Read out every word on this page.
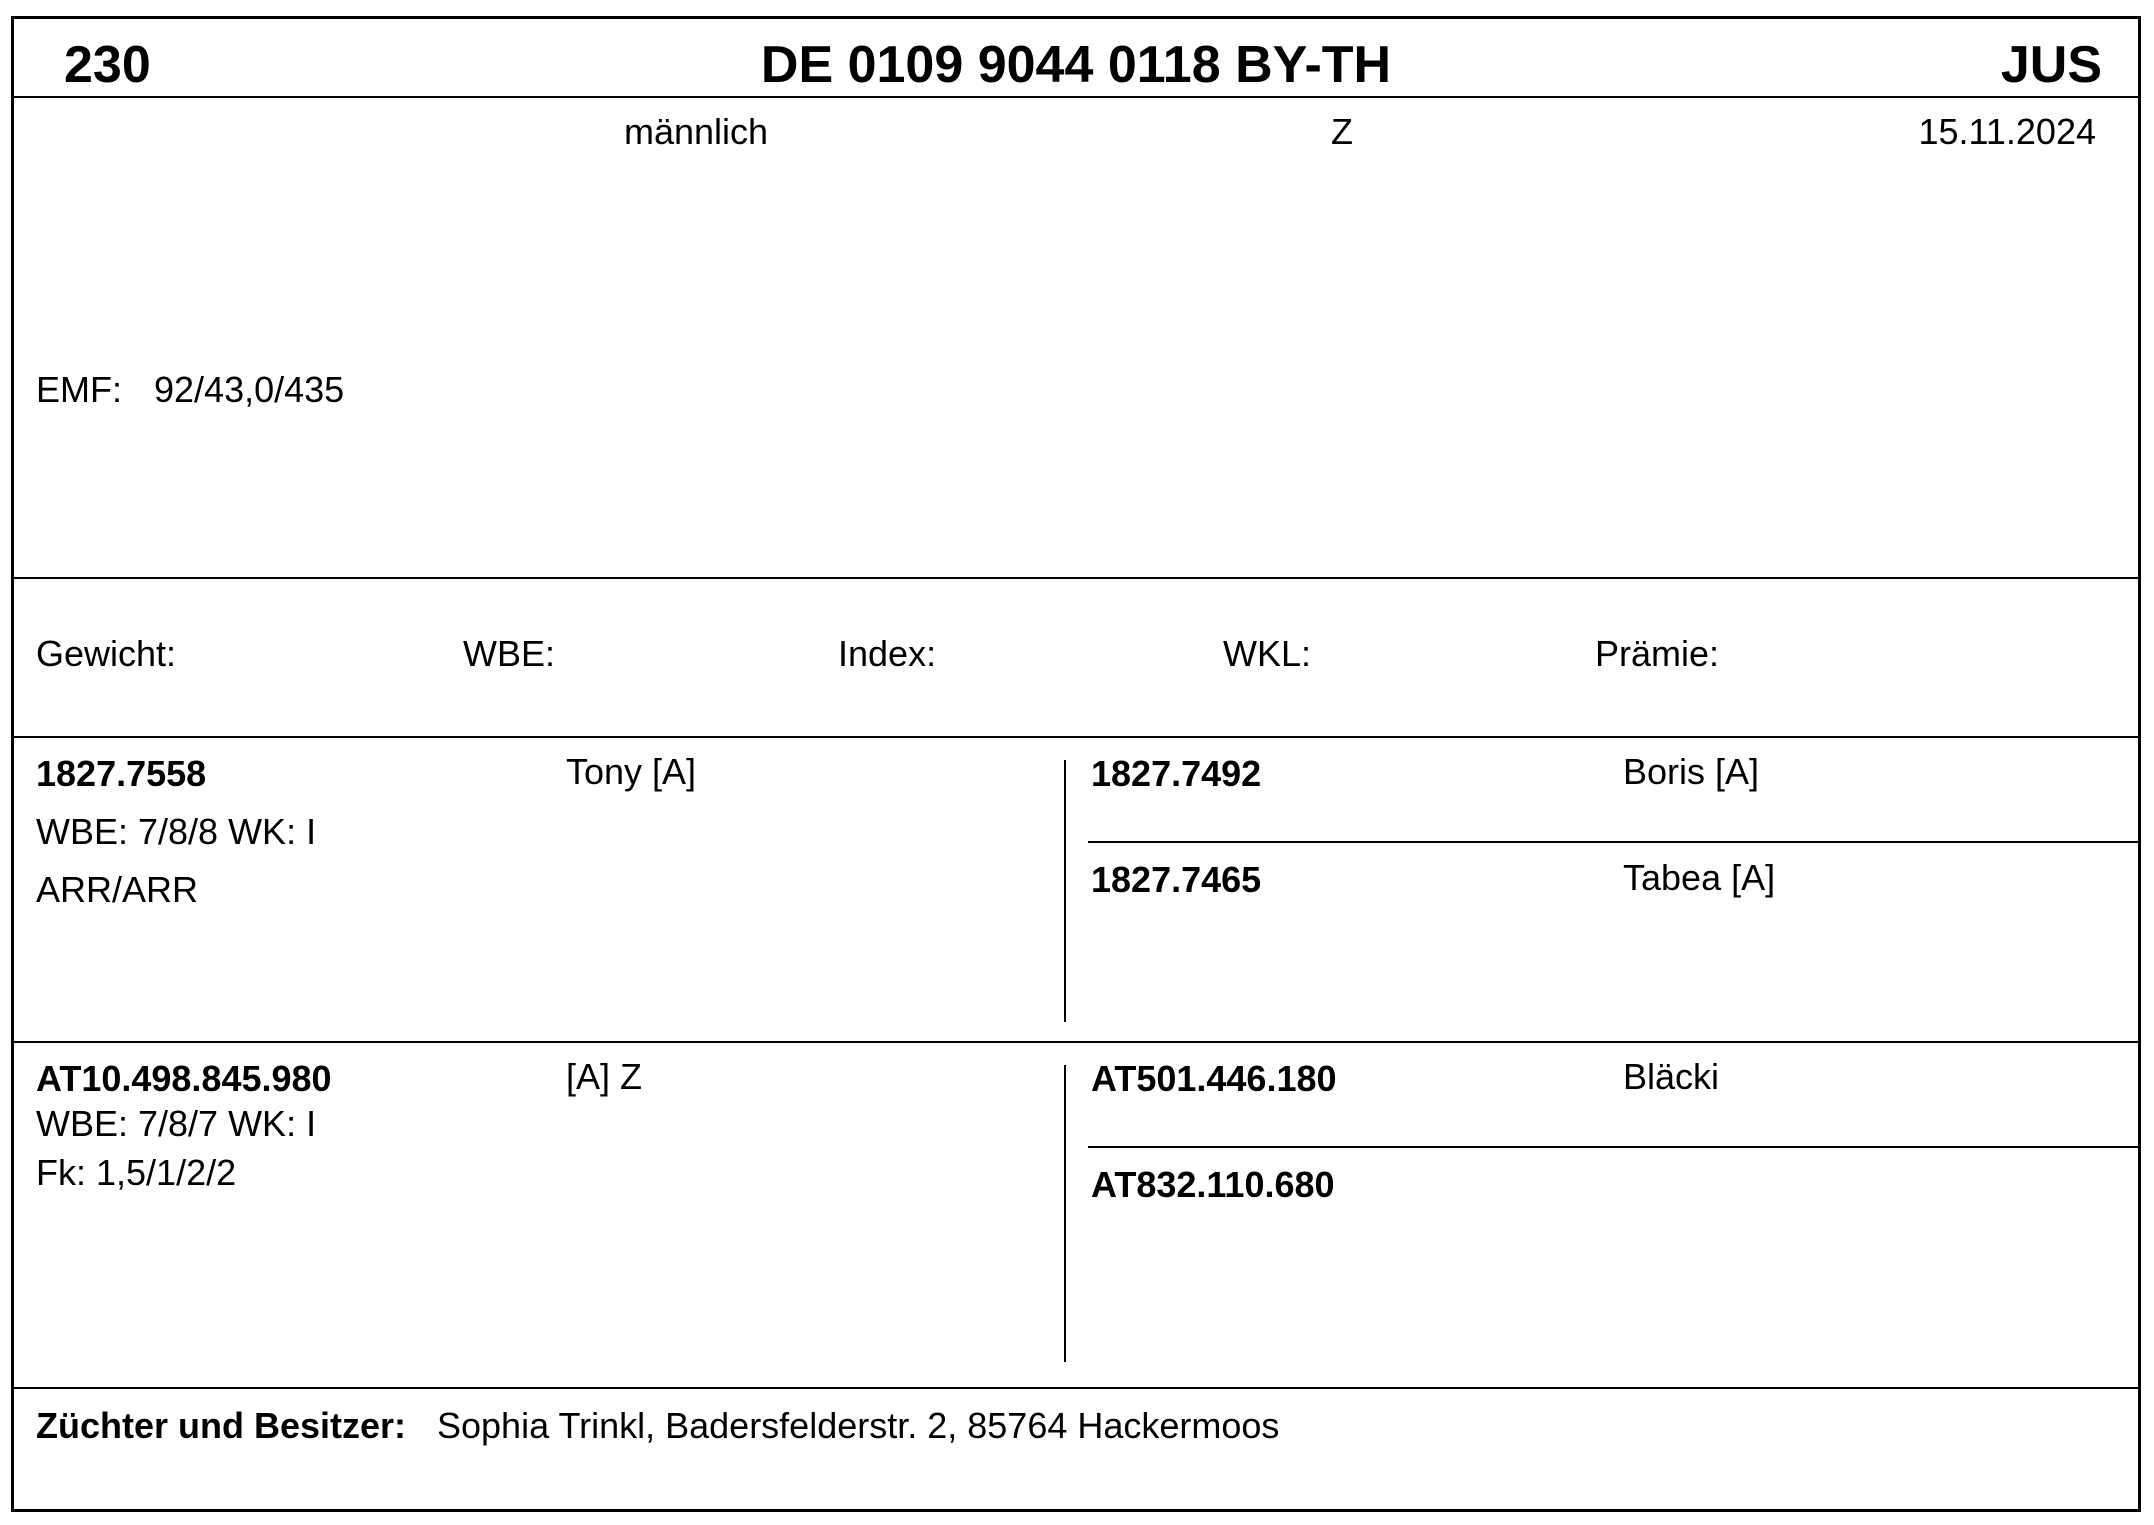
230	DE 0109 9044 0118 BY-TH	JUS
männlich	Z	15.11.2024
EMF: 92/43,0/435
Gewicht:	WBE:	Index:	WKL:	Prämie:
1827.7558	Tony [A]
WBE: 7/8/8 WK: I
ARR/ARR
1827.7492	Boris [A]
1827.7465	Tabea [A]
AT10.498.845.980	[A] Z
WBE: 7/8/7 WK: I
Fk: 1,5/1/2/2
AT501.446.180	Bläcki
AT832.110.680
Züchter und Besitzer: Sophia Trinkl, Badersfelderstr. 2, 85764 Hackermoos
